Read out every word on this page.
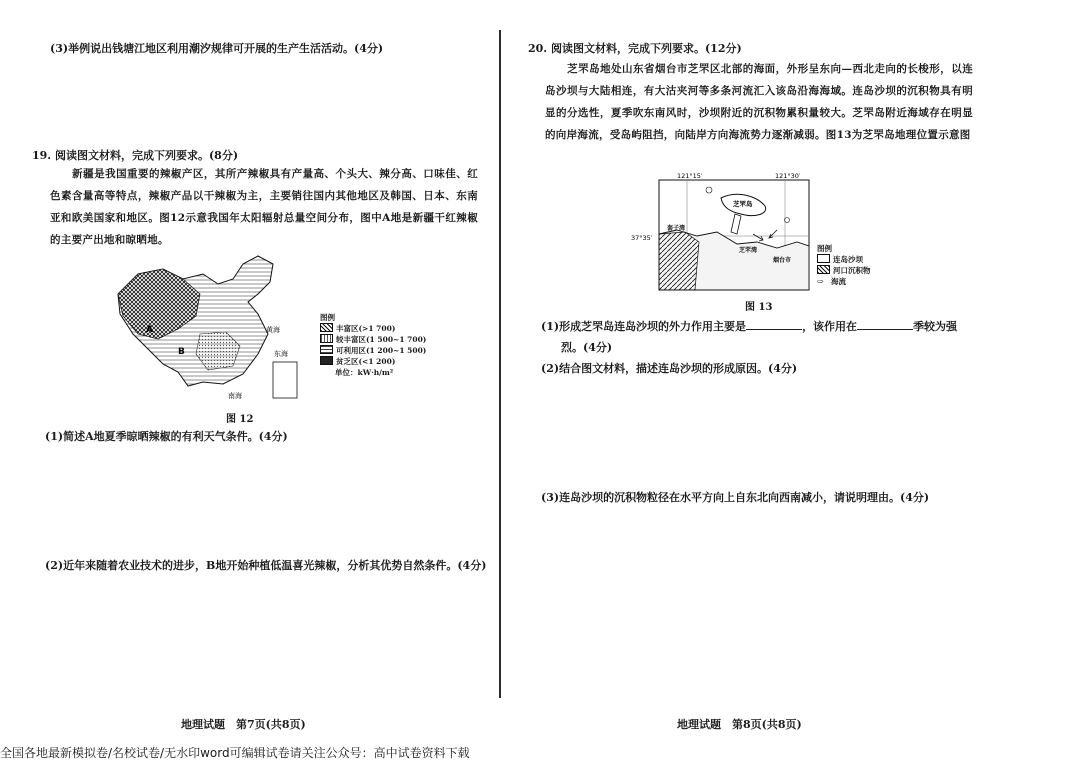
(3)举例说出钱塘江地区利用潮汐规律可开展的生产生活活动。(4分)
19. 阅读图文材料，完成下列要求。(8分)
新疆是我国重要的辣椒产区，其所产辣椒具有产量高、个头大、辣分高、口味佳、红色素含量高等特点，辣椒产品以干辣椒为主，主要销往国内其他地区及韩国、日本、东南亚和欧美国家和地区。图12示意我国年太阳辐射总量空间分布，图中A地是新疆干红辣椒的主要产出地和晾晒地。
A
B
黄海
东海
南海
图例
丰富区(>1 700)
较丰富区(1 500~1 700)
可利用区(1 200~1 500)
贫乏区(<1 200)
单位：kW·h/m²
图 12
(1)简述A地夏季晾晒辣椒的有利天气条件。(4分)
(2)近年来随着农业技术的进步，B地开始种植低温喜光辣椒，分析其优势自然条件。(4分)
地理试题　第7页(共8页)
20. 阅读图文材料，完成下列要求。(12分)
芝罘岛地处山东省烟台市芝罘区北部的海面，外形呈东向—西北走向的长梭形，以连岛沙坝与大陆相连，有大沽夹河等多条河流汇入该岛沿海海域。连岛沙坝的沉积物具有明显的分选性，夏季吹东南风时，沙坝附近的沉积物累积量较大。芝罘岛附近海域存在明显的向岸海流，受岛屿阻挡，向陆岸方向海流势力逐渐减弱。图13为芝罘岛地理位置示意图
121°15′	121°30′
37°35′
芝罘岛
芝罘湾
套子湾
烟台市
图例
连岛沙坝
河口沉积物
⇨ 海流
图 13
(1)形成芝罘岛连岛沙坝的外力作用主要是	，该作用在	季较为强
烈。(4分)
(2)结合图文材料，描述连岛沙坝的形成原因。(4分)
(3)连岛沙坝的沉积物粒径在水平方向上自东北向西南减小，请说明理由。(4分)
地理试题　第8页(共8页)
全国各地最新模拟卷/名校试卷/无水印word可编辑试卷请关注公众号：高中试卷资料下载
